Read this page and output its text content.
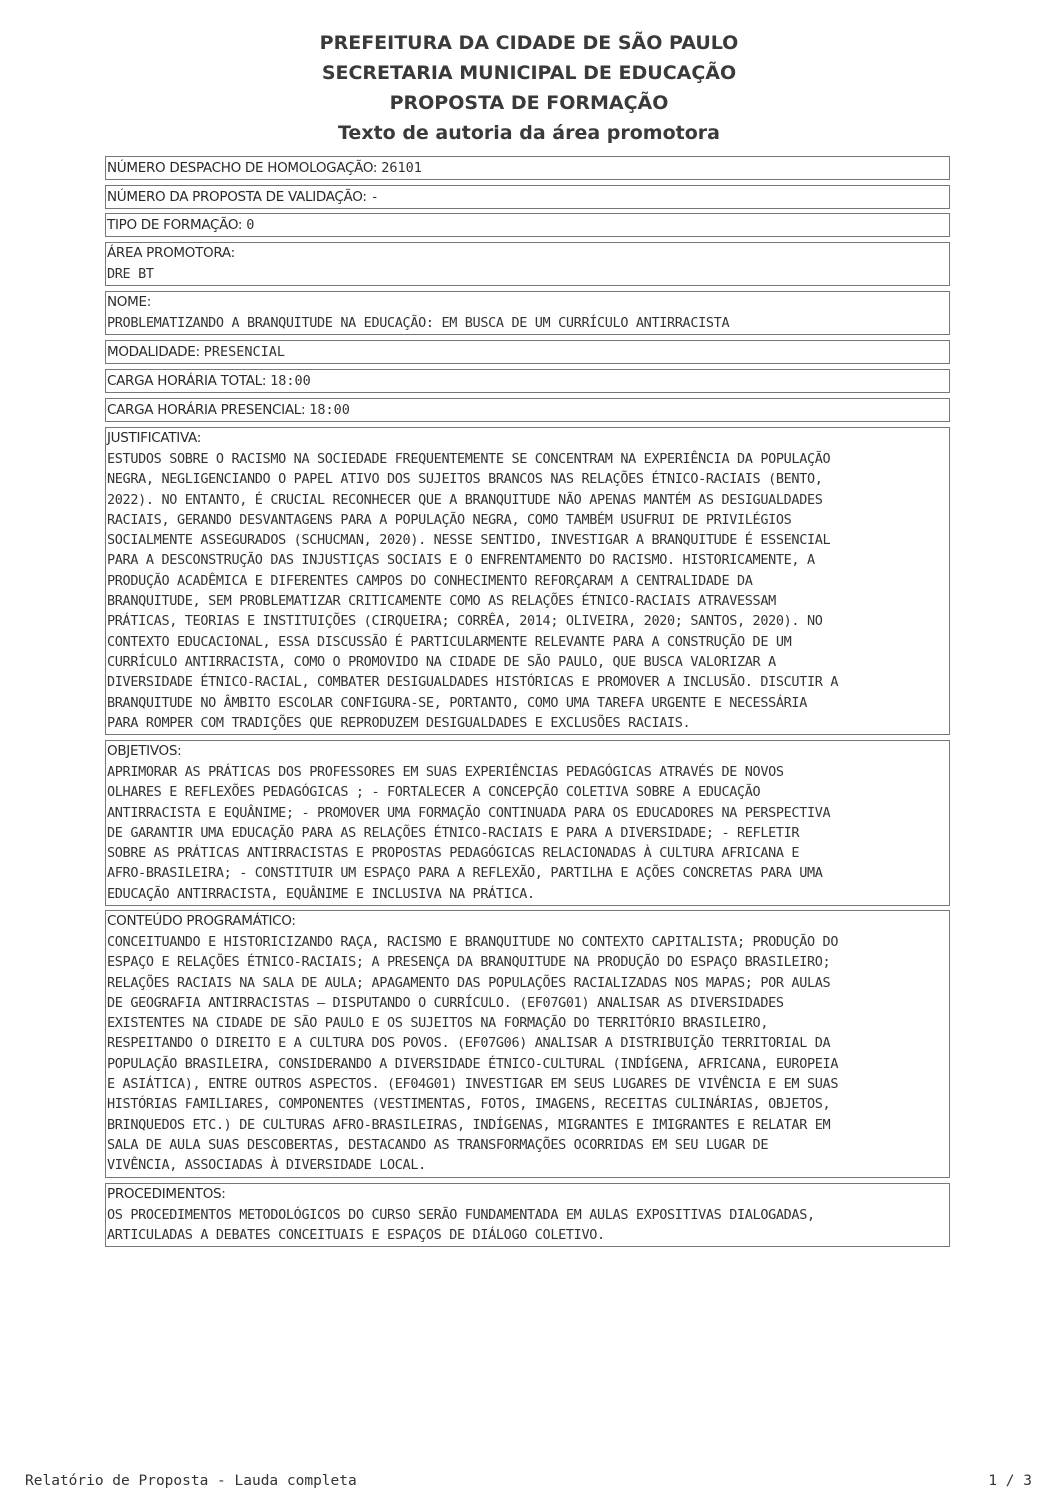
PREFEITURA DA CIDADE DE SÃO PAULO
SECRETARIA MUNICIPAL DE EDUCAÇÃO
PROPOSTA DE FORMAÇÃO
Texto de autoria da área promotora
NÚMERO DESPACHO DE HOMOLOGAÇÃO: 26101
NÚMERO DA PROPOSTA DE VALIDAÇÃO: -
TIPO DE FORMAÇÃO: 0
ÁREA PROMOTORA:
DRE BT
NOME:
PROBLEMATIZANDO A BRANQUITUDE NA EDUCAÇÃO: EM BUSCA DE UM CURRÍCULO ANTIRRACISTA
MODALIDADE: PRESENCIAL
CARGA HORÁRIA TOTAL: 18:00
CARGA HORÁRIA PRESENCIAL: 18:00
JUSTIFICATIVA:
ESTUDOS SOBRE O RACISMO NA SOCIEDADE FREQUENTEMENTE SE CONCENTRAM NA EXPERIÊNCIA DA POPULAÇÃO
NEGRA, NEGLIGENCIANDO O PAPEL ATIVO DOS SUJEITOS BRANCOS NAS RELAÇÕES ÉTNICO-RACIAIS (BENTO,
2022). NO ENTANTO, É CRUCIAL RECONHECER QUE A BRANQUITUDE NÃO APENAS MANTÉM AS DESIGUALDADES
RACIAIS, GERANDO DESVANTAGENS PARA A POPULAÇÃO NEGRA, COMO TAMBÉM USUFRUI DE PRIVILÉGIOS
SOCIALMENTE ASSEGURADOS (SCHUCMAN, 2020). NESSE SENTIDO, INVESTIGAR A BRANQUITUDE É ESSENCIAL
PARA A DESCONSTRUÇÃO DAS INJUSTIÇAS SOCIAIS E O ENFRENTAMENTO DO RACISMO. HISTORICAMENTE, A
PRODUÇÃO ACADÊMICA E DIFERENTES CAMPOS DO CONHECIMENTO REFORÇARAM A CENTRALIDADE DA
BRANQUITUDE, SEM PROBLEMATIZAR CRITICAMENTE COMO AS RELAÇÕES ÉTNICO-RACIAIS ATRAVESSAM
PRÁTICAS, TEORIAS E INSTITUIÇÕES (CIRQUEIRA; CORRÊA, 2014; OLIVEIRA, 2020; SANTOS, 2020). NO
CONTEXTO EDUCACIONAL, ESSA DISCUSSÃO É PARTICULARMENTE RELEVANTE PARA A CONSTRUÇÃO DE UM
CURRÍCULO ANTIRRACISTA, COMO O PROMOVIDO NA CIDADE DE SÃO PAULO, QUE BUSCA VALORIZAR A
DIVERSIDADE ÉTNICO-RACIAL, COMBATER DESIGUALDADES HISTÓRICAS E PROMOVER A INCLUSÃO. DISCUTIR A
BRANQUITUDE NO ÂMBITO ESCOLAR CONFIGURA-SE, PORTANTO, COMO UMA TAREFA URGENTE E NECESSÁRIA
PARA ROMPER COM TRADIÇÕES QUE REPRODUZEM DESIGUALDADES E EXCLUSÕES RACIAIS.
OBJETIVOS:
APRIMORAR AS PRÁTICAS DOS PROFESSORES EM SUAS EXPERIÊNCIAS PEDAGÓGICAS ATRAVÉS DE NOVOS
OLHARES E REFLEXÕES PEDAGÓGICAS ; - FORTALECER A CONCEPÇÃO COLETIVA SOBRE A EDUCAÇÃO
ANTIRRACISTA E EQUÂNIME; - PROMOVER UMA FORMAÇÃO CONTINUADA PARA OS EDUCADORES NA PERSPECTIVA
DE GARANTIR UMA EDUCAÇÃO PARA AS RELAÇÕES ÉTNICO-RACIAIS E PARA A DIVERSIDADE; - REFLETIR
SOBRE AS PRÁTICAS ANTIRRACISTAS E PROPOSTAS PEDAGÓGICAS RELACIONADAS À CULTURA AFRICANA E
AFRO-BRASILEIRA; - CONSTITUIR UM ESPAÇO PARA A REFLEXÃO, PARTILHA E AÇÕES CONCRETAS PARA UMA
EDUCAÇÃO ANTIRRACISTA, EQUÂNIME E INCLUSIVA NA PRÁTICA.
CONTEÚDO PROGRAMÁTICO:
CONCEITUANDO E HISTORICIZANDO RAÇA, RACISMO E BRANQUITUDE NO CONTEXTO CAPITALISTA; PRODUÇÃO DO
ESPAÇO E RELAÇÕES ÉTNICO-RACIAIS; A PRESENÇA DA BRANQUITUDE NA PRODUÇÃO DO ESPAÇO BRASILEIRO;
RELAÇÕES RACIAIS NA SALA DE AULA; APAGAMENTO DAS POPULAÇÕES RACIALIZADAS NOS MAPAS; POR AULAS
DE GEOGRAFIA ANTIRRACISTAS — DISPUTANDO O CURRÍCULO. (EF07G01) ANALISAR AS DIVERSIDADES
EXISTENTES NA CIDADE DE SÃO PAULO E OS SUJEITOS NA FORMAÇÃO DO TERRITÓRIO BRASILEIRO,
RESPEITANDO O DIREITO E A CULTURA DOS POVOS. (EF07G06) ANALISAR A DISTRIBUIÇÃO TERRITORIAL DA
POPULAÇÃO BRASILEIRA, CONSIDERANDO A DIVERSIDADE ÉTNICO-CULTURAL (INDÍGENA, AFRICANA, EUROPEIA
E ASIÁTICA), ENTRE OUTROS ASPECTOS. (EF04G01) INVESTIGAR EM SEUS LUGARES DE VIVÊNCIA E EM SUAS
HISTÓRIAS FAMILIARES, COMPONENTES (VESTIMENTAS, FOTOS, IMAGENS, RECEITAS CULINÁRIAS, OBJETOS,
BRINQUEDOS ETC.) DE CULTURAS AFRO-BRASILEIRAS, INDÍGENAS, MIGRANTES E IMIGRANTES E RELATAR EM
SALA DE AULA SUAS DESCOBERTAS, DESTACANDO AS TRANSFORMAÇÕES OCORRIDAS EM SEU LUGAR DE
VIVÊNCIA, ASSOCIADAS À DIVERSIDADE LOCAL.
PROCEDIMENTOS:
OS PROCEDIMENTOS METODOLÓGICOS DO CURSO SERÃO FUNDAMENTADA EM AULAS EXPOSITIVAS DIALOGADAS,
ARTICULADAS A DEBATES CONCEITUAIS E ESPAÇOS DE DIÁLOGO COLETIVO.
Relatório de Proposta - Lauda completa	1 / 3
